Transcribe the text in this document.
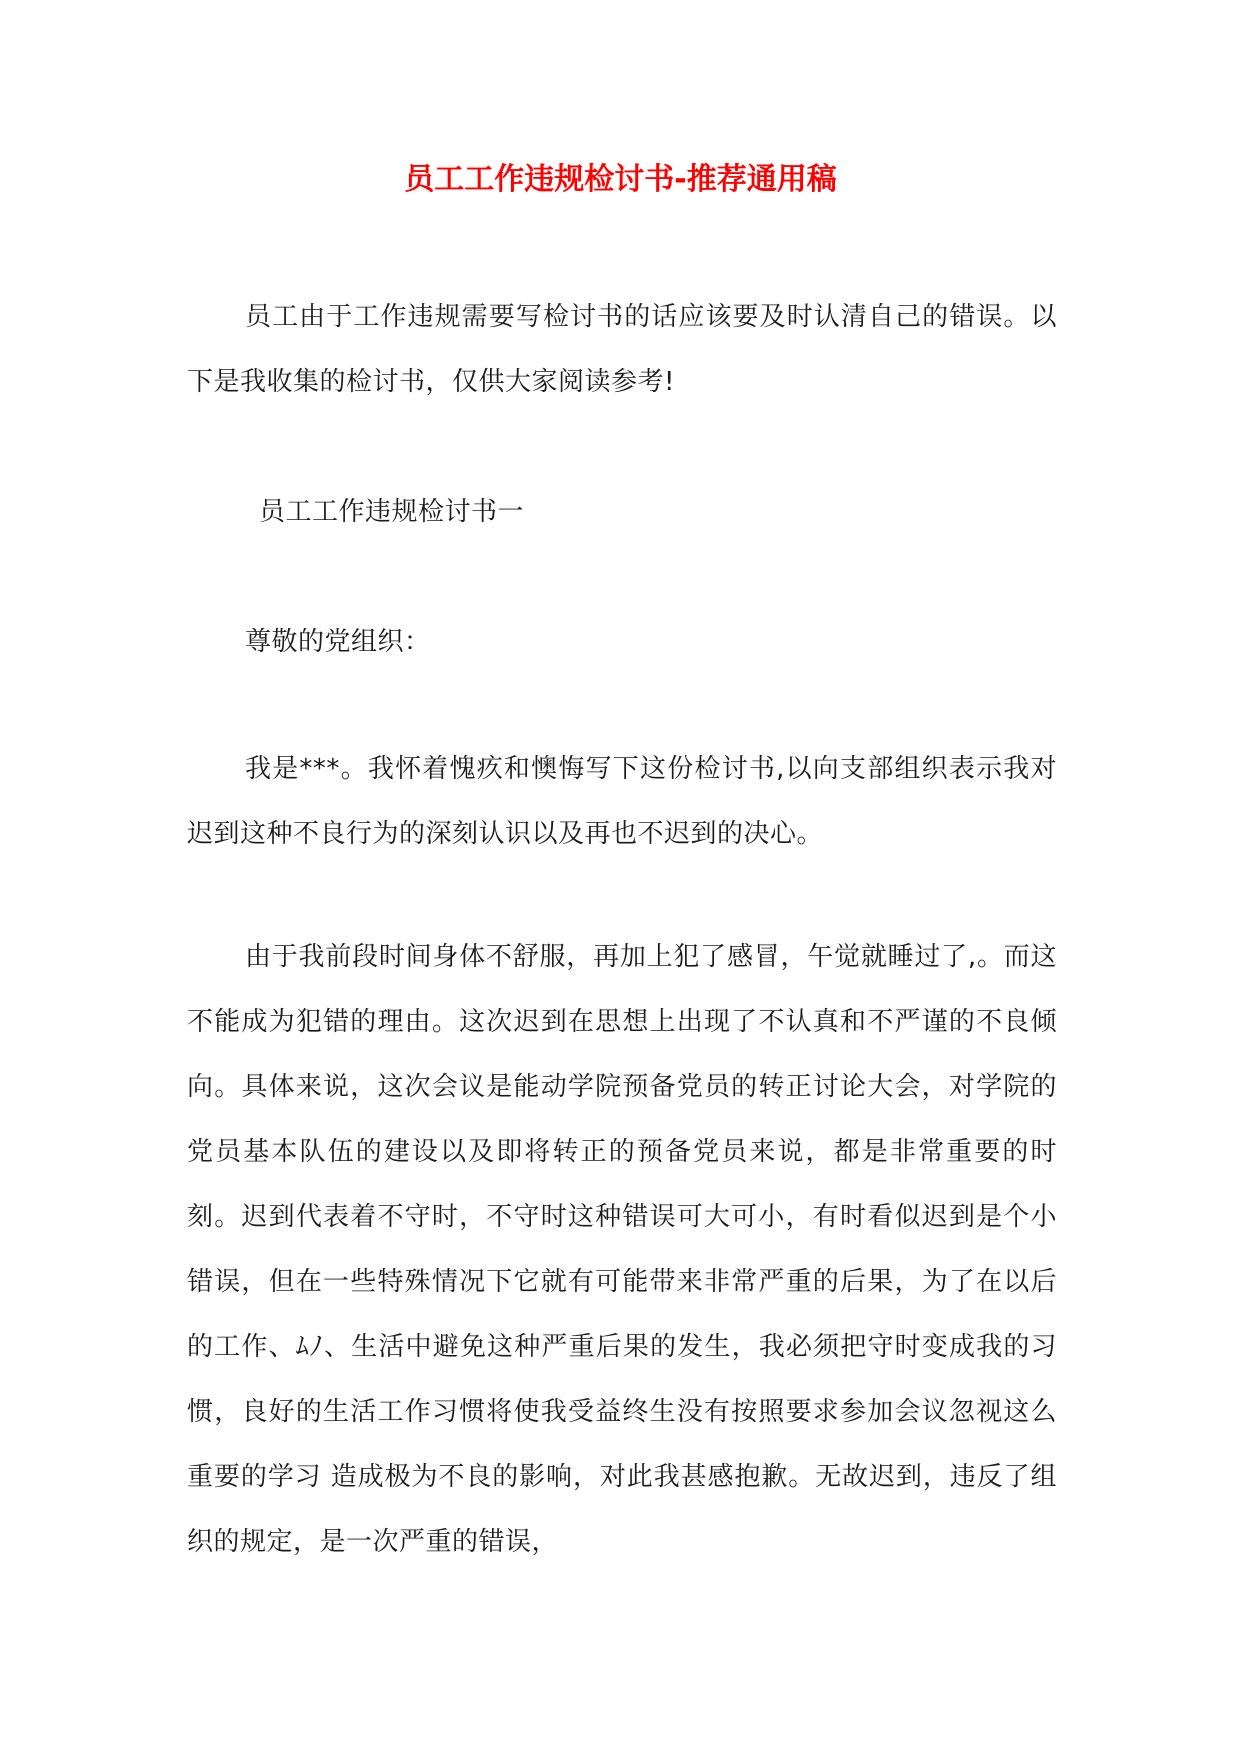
员工工作违规检讨书-推荐通用稿

员工由于工作违规需要写检讨书的话应该要及时认清自己的错误。以下是我收集的检讨书，仅供大家阅读参考!

员工工作违规检讨书一

尊敬的党组织：

我是***。我怀着愧疚和懊悔写下这份检讨书,以向支部组织表示我对迟到这种不良行为的深刻认识以及再也不迟到的决心。

由于我前段时间身体不舒服，再加上犯了感冒，午觉就睡过了,。而这不能成为犯错的理由。这次迟到在思想上出现了不认真和不严谨的不良倾向。具体来说，这次会议是能动学院预备党员的转正讨论大会，对学院的党员基本队伍的建设以及即将转正的预备党员来说，都是非常重要的时刻。迟到代表着不守时，不守时这种错误可大可小，有时看似迟到是个小错误，但在一些特殊情况下它就有可能带来非常严重的后果，为了在以后的工作、ﾑﾉ、生活中避免这种严重后果的发生，我必须把守时变成我的习惯，良好的生活工作习惯将使我受益终生没有按照要求参加会议忽视这么重要的学习 造成极为不良的影响，对此我甚感抱歉。无故迟到，违反了组织的规定，是一次严重的错误，
